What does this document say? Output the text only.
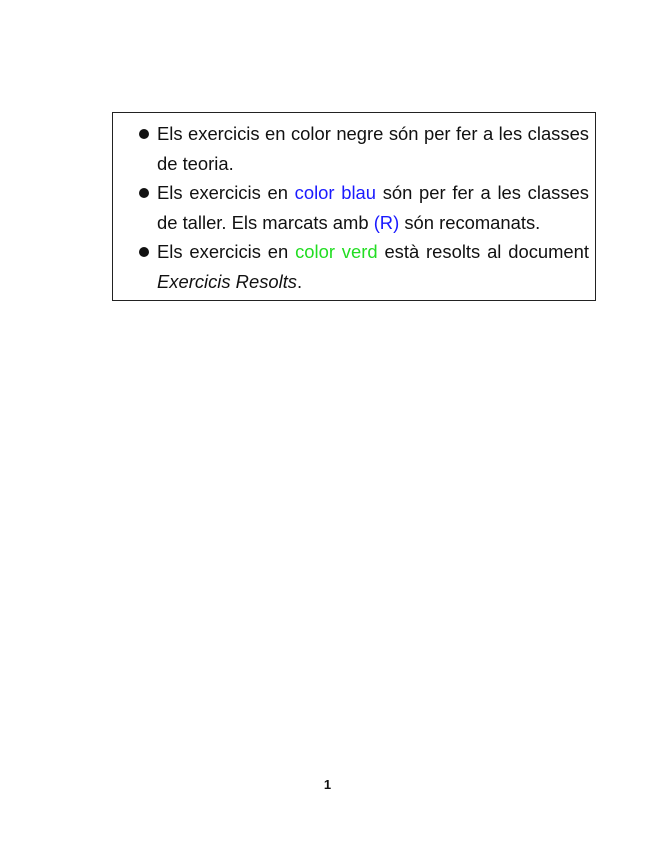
Els exercicis en color negre són per fer a les classes de teoria.
Els exercicis en color blau són per fer a les classes de taller. Els marcats amb (R) són recomanats.
Els exercicis en color verd està resolts al document Exercicis Resolts.
1
